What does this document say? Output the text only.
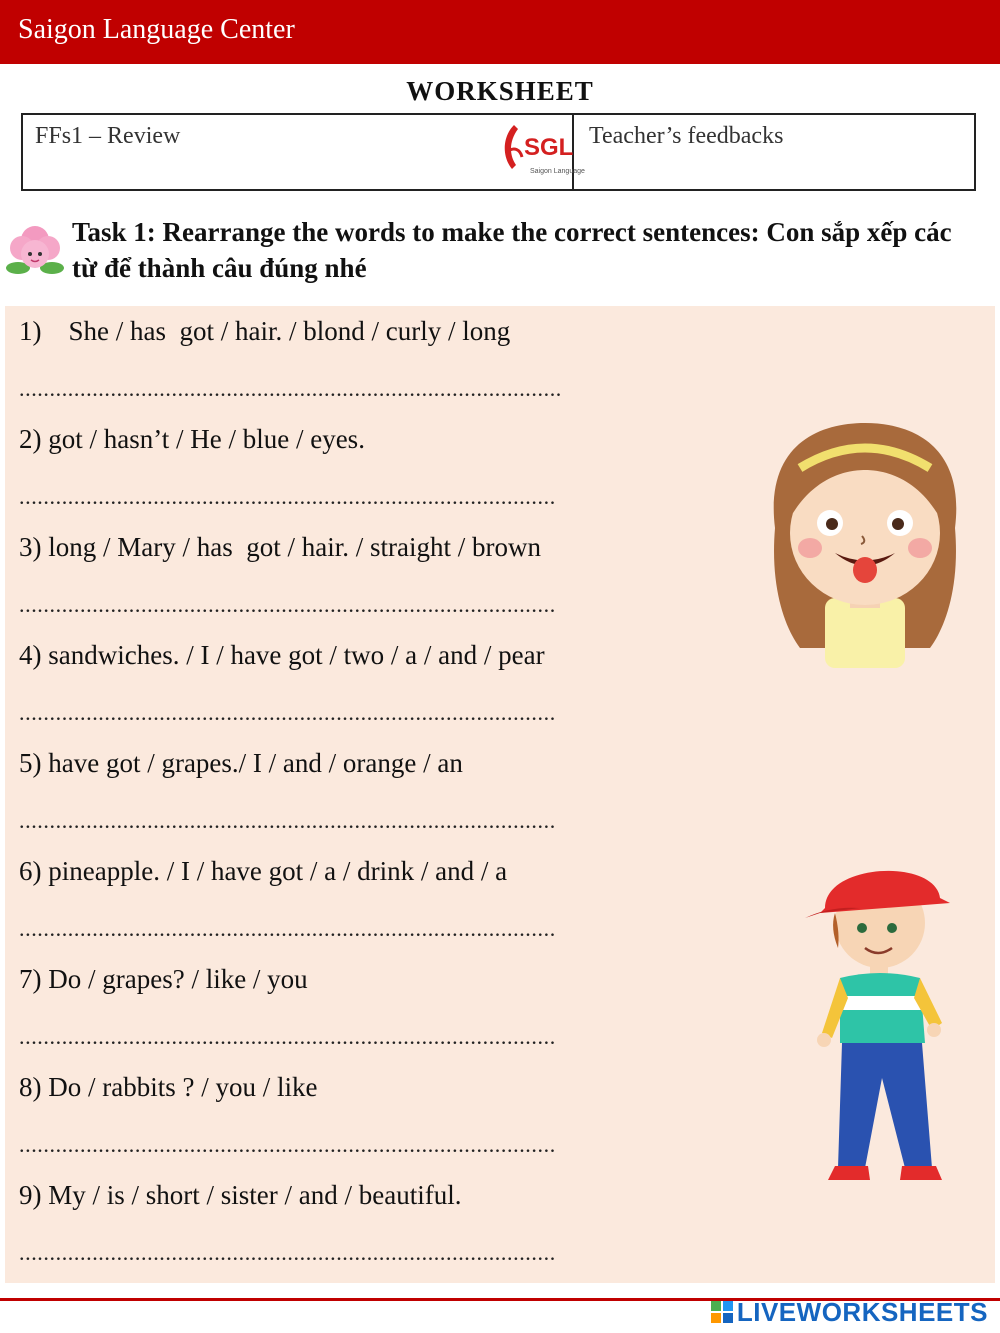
Saigon Language Center
WORKSHEET
FFs1 – Review	SGL
Saigon Language
Teacher’s feedbacks
Task 1: Rearrange the words to make the correct sentences: Con sắp xếp các từ để thành câu đúng nhé
1)    She / has  got / hair. / blond / curly / long
.........................................................................................
2) got / hasn’t / He / blue / eyes.
........................................................................................
3) long / Mary / has  got / hair. / straight / brown
........................................................................................
4) sandwiches. / I / have got / two / a / and / pear
........................................................................................
5) have got / grapes./ I / and / orange / an
........................................................................................
6) pineapple. / I / have got / a / drink / and / a
........................................................................................
7) Do / grapes? / like / you
........................................................................................
8) Do / rabbits ? / you / like
........................................................................................
9) My / is / short / sister / and / beautiful.
........................................................................................
LIVEWORKSHEETS
